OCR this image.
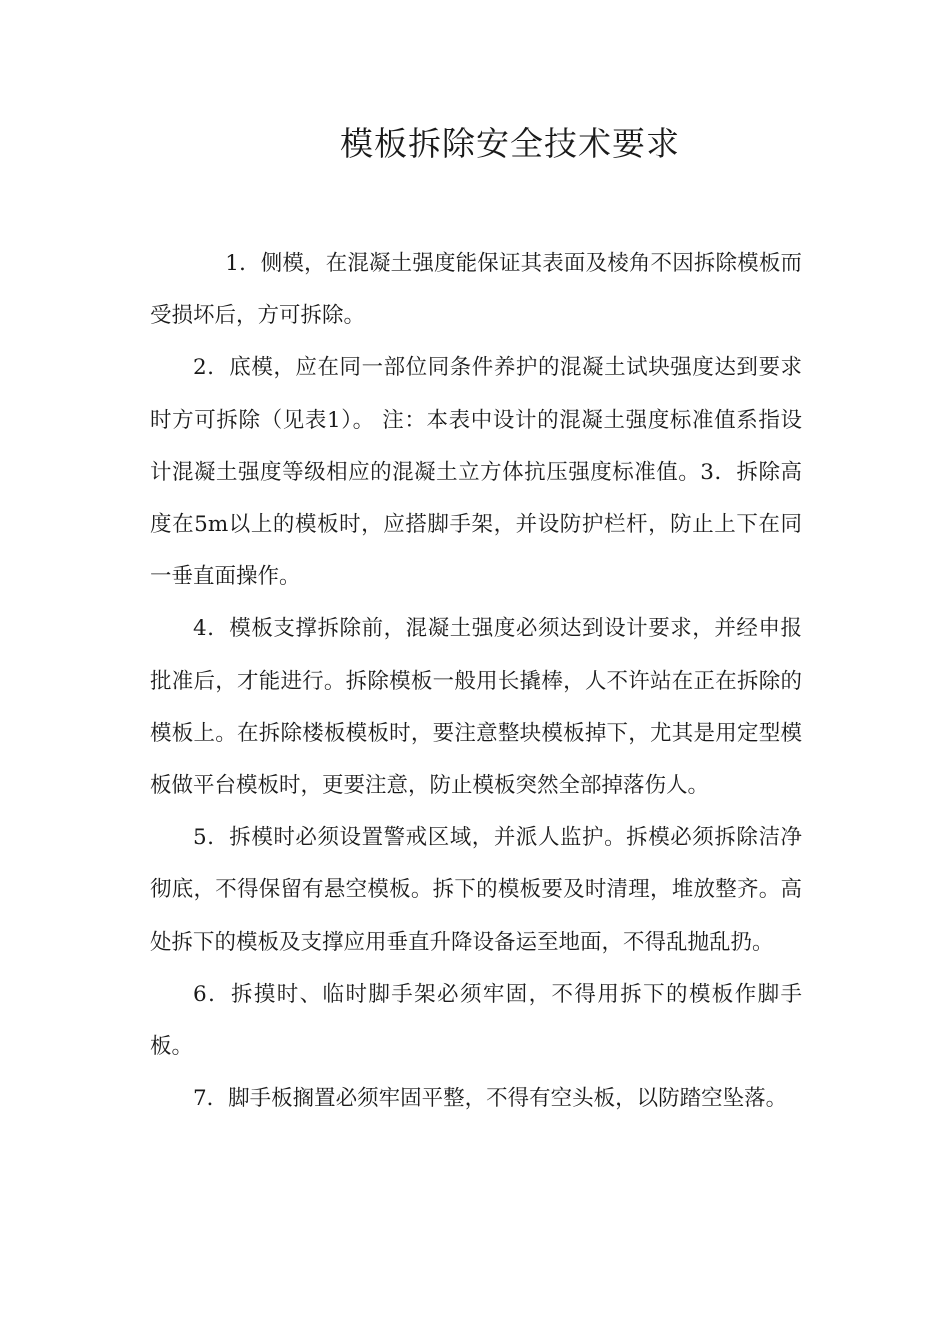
模板拆除安全技术要求

1．侧模，在混凝土强度能保证其表面及棱角不因拆除模板而受损坏后，方可拆除。

2．底模，应在同一部位同条件养护的混凝土试块强度达到要求时方可拆除（见表1）。 注：本表中设计的混凝土强度标准值系指设计混凝土强度等级相应的混凝土立方体抗压强度标准值。3．拆除高度在5m以上的模板时，应搭脚手架，并设防护栏杆，防止上下在同一垂直面操作。

4．模板支撑拆除前，混凝土强度必须达到设计要求，并经申报批准后，才能进行。拆除模板一般用长撬棒，人不许站在正在拆除的模板上。在拆除楼板模板时，要注意整块模板掉下，尤其是用定型模板做平台模板时，更要注意，防止模板突然全部掉落伤人。

5．拆模时必须设置警戒区域，并派人监护。拆模必须拆除洁净彻底，不得保留有悬空模板。拆下的模板要及时清理，堆放整齐。高处拆下的模板及支撑应用垂直升降设备运至地面，不得乱抛乱扔。

6．拆摸时、临时脚手架必须牢固，不得用拆下的模板作脚手板。

7．脚手板搁置必须牢固平整，不得有空头板，以防踏空坠落。
